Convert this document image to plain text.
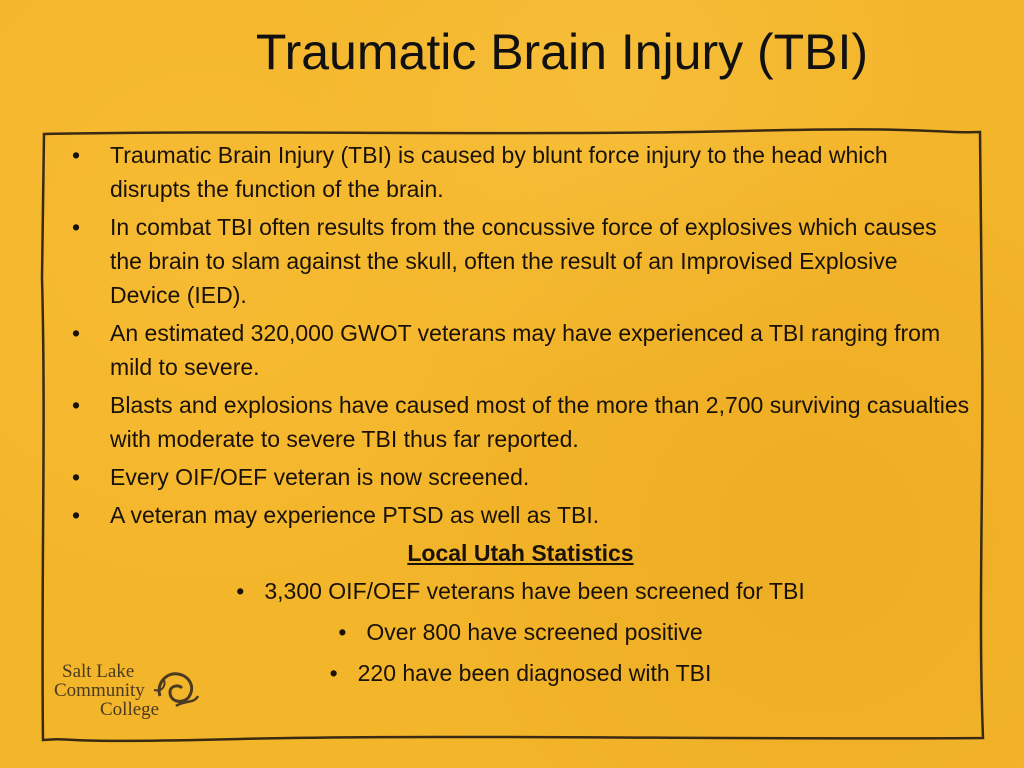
Traumatic Brain Injury (TBI)
• Traumatic Brain Injury (TBI) is caused by blunt force injury to the head which disrupts the function of the brain.
• In combat TBI often results from the concussive force of explosives which causes the brain to slam against the skull, often the result of an Improvised Explosive Device (IED).
• An estimated 320,000 GWOT veterans may have experienced a TBI ranging from mild to severe.
• Blasts and explosions have caused most of the more than 2,700 surviving casualties with moderate to severe TBI thus far reported.
• Every OIF/OEF veteran is now screened.
• A veteran may experience PTSD as well as TBI.
Local Utah Statistics
• 3,300 OIF/OEF veterans have been screened for TBI
• Over 800 have screened positive
• 220 have been diagnosed with TBI
Salt Lake
Community
College
